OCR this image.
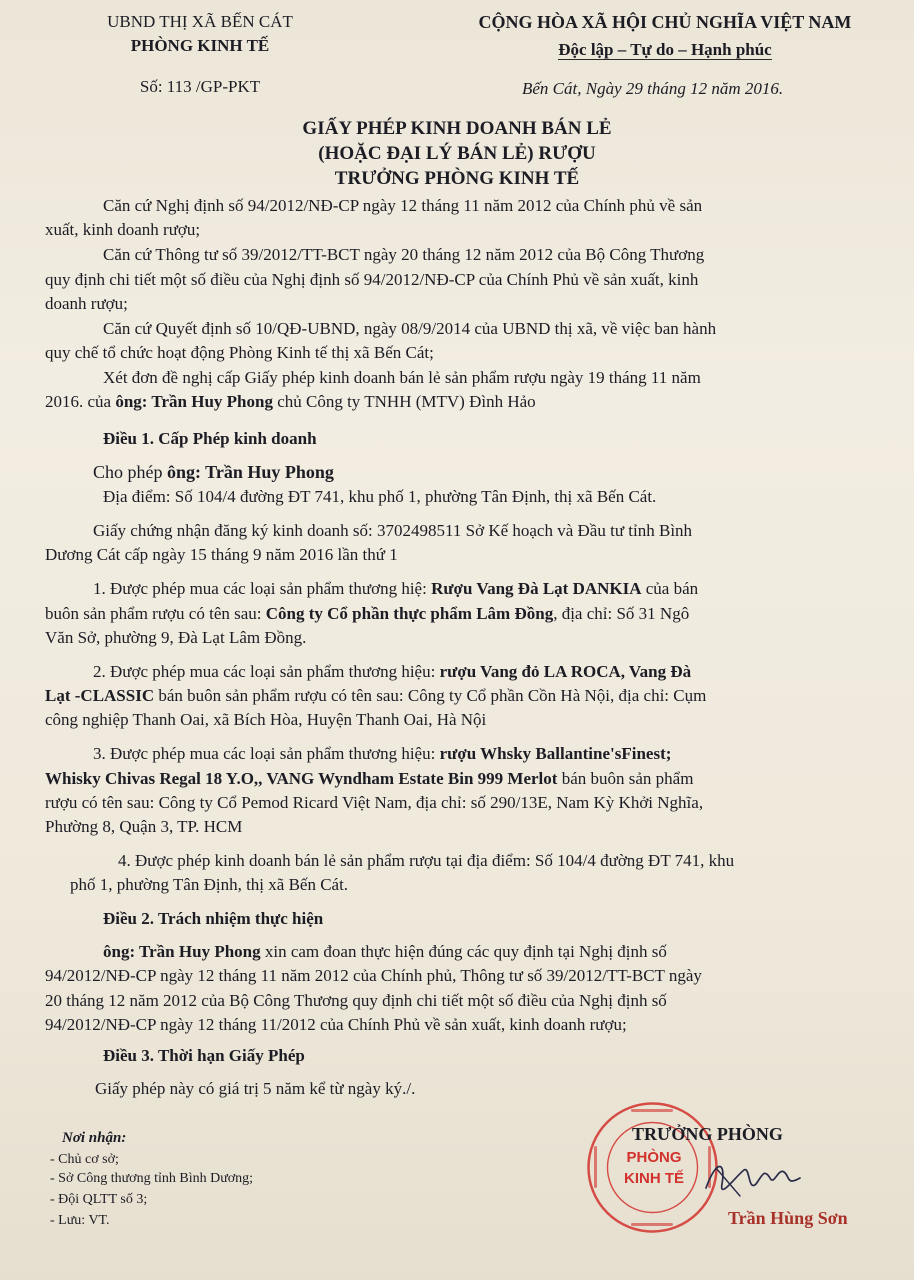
UBND THỊ XÃ BẾN CÁT
PHÒNG KINH TẾ
Số: 113 /GP-PKT
CỘNG HÒA XÃ HỘI CHỦ NGHĨA VIỆT NAM
Độc lập – Tự do – Hạnh phúc
Bến Cát, Ngày 29 tháng 12 năm 2016.
GIẤY PHÉP KINH DOANH BÁN LẺ
(HOẶC ĐẠI LÝ BÁN LẺ) RƯỢU
TRƯỞNG PHÒNG KINH TẾ
Căn cứ Nghị định số 94/2012/NĐ-CP ngày 12 tháng 11 năm 2012 của Chính phủ về sản
xuất, kinh doanh rượu;
Căn cứ Thông tư số 39/2012/TT-BCT ngày 20 tháng 12 năm 2012 của Bộ Công Thương
quy định chi tiết một số điều của Nghị định số 94/2012/NĐ-CP của Chính Phủ về sản xuất, kinh
doanh rượu;
Căn cứ Quyết định số 10/QĐ-UBND, ngày 08/9/2014 của UBND thị xã, về việc ban hành
quy chế tổ chức hoạt động Phòng Kinh tế thị xã Bến Cát;
Xét đơn đề nghị cấp Giấy phép kinh doanh bán lẻ sản phẩm rượu ngày 19 tháng 11 năm
2016. của ông: Trần Huy Phong chủ Công ty TNHH (MTV) Đình Hảo
Điều 1. Cấp Phép kinh doanh
Cho phép ông: Trần Huy Phong
Địa điểm: Số 104/4 đường ĐT 741, khu phố 1, phường Tân Định, thị xã Bến Cát.
Giấy chứng nhận đăng ký kinh doanh số: 3702498511 Sở Kế hoạch và Đầu tư tỉnh Bình
Dương Cát cấp ngày 15 tháng 9 năm 2016 lần thứ 1
1. Được phép mua các loại sản phẩm thương hiệ: Rượu Vang Đà Lạt DANKIA của bán
buôn sản phẩm rượu có tên sau: Công ty Cổ phần thực phẩm Lâm Đồng, địa chỉ: Số 31 Ngô
Văn Sở, phường 9, Đà Lạt Lâm Đồng.
2. Được phép mua các loại sản phẩm thương hiệu: rượu Vang đỏ LA ROCA, Vang Đà
Lạt -CLASSIC bán buôn sản phẩm rượu có tên sau: Công ty Cổ phần Cồn Hà Nội, địa chỉ: Cụm
công nghiệp Thanh Oai, xã Bích Hòa, Huyện Thanh Oai, Hà Nội
3. Được phép mua các loại sản phẩm thương hiệu: rượu Whsky Ballantine'sFinest;
Whisky Chivas Regal 18 Y.O,, VANG Wyndham Estate Bin 999 Merlot bán buôn sản phẩm
rượu có tên sau: Công ty Cổ Pemod Ricard Việt Nam, địa chỉ: số 290/13E, Nam Kỳ Khởi Nghĩa,
Phường 8, Quận 3, TP. HCM
4. Được phép kinh doanh bán lẻ sản phẩm rượu tại địa điểm: Số 104/4 đường ĐT 741, khu
phố 1, phường Tân Định, thị xã Bến Cát.
Điều 2. Trách nhiệm thực hiện
ông: Trần Huy Phong xin cam đoan thực hiện đúng các quy định tại Nghị định số
94/2012/NĐ-CP ngày 12 tháng 11 năm 2012 của Chính phủ, Thông tư số 39/2012/TT-BCT ngày
20 tháng 12 năm 2012 của Bộ Công Thương quy định chi tiết một số điều của Nghị định số
94/2012/NĐ-CP ngày 12 tháng 11/2012 của Chính Phủ về sản xuất, kinh doanh rượu;
Điều 3. Thời hạn Giấy Phép
Giấy phép này có giá trị 5 năm kể từ ngày ký./.
Nơi nhận:
- Chủ cơ sở;
- Sở Công thương tỉnh Bình Dương;
- Đội QLTT số 3;
- Lưu: VT.
PHÒNG
KINH TẾ
TRƯỞNG PHÒNG
Trần Hùng Sơn
